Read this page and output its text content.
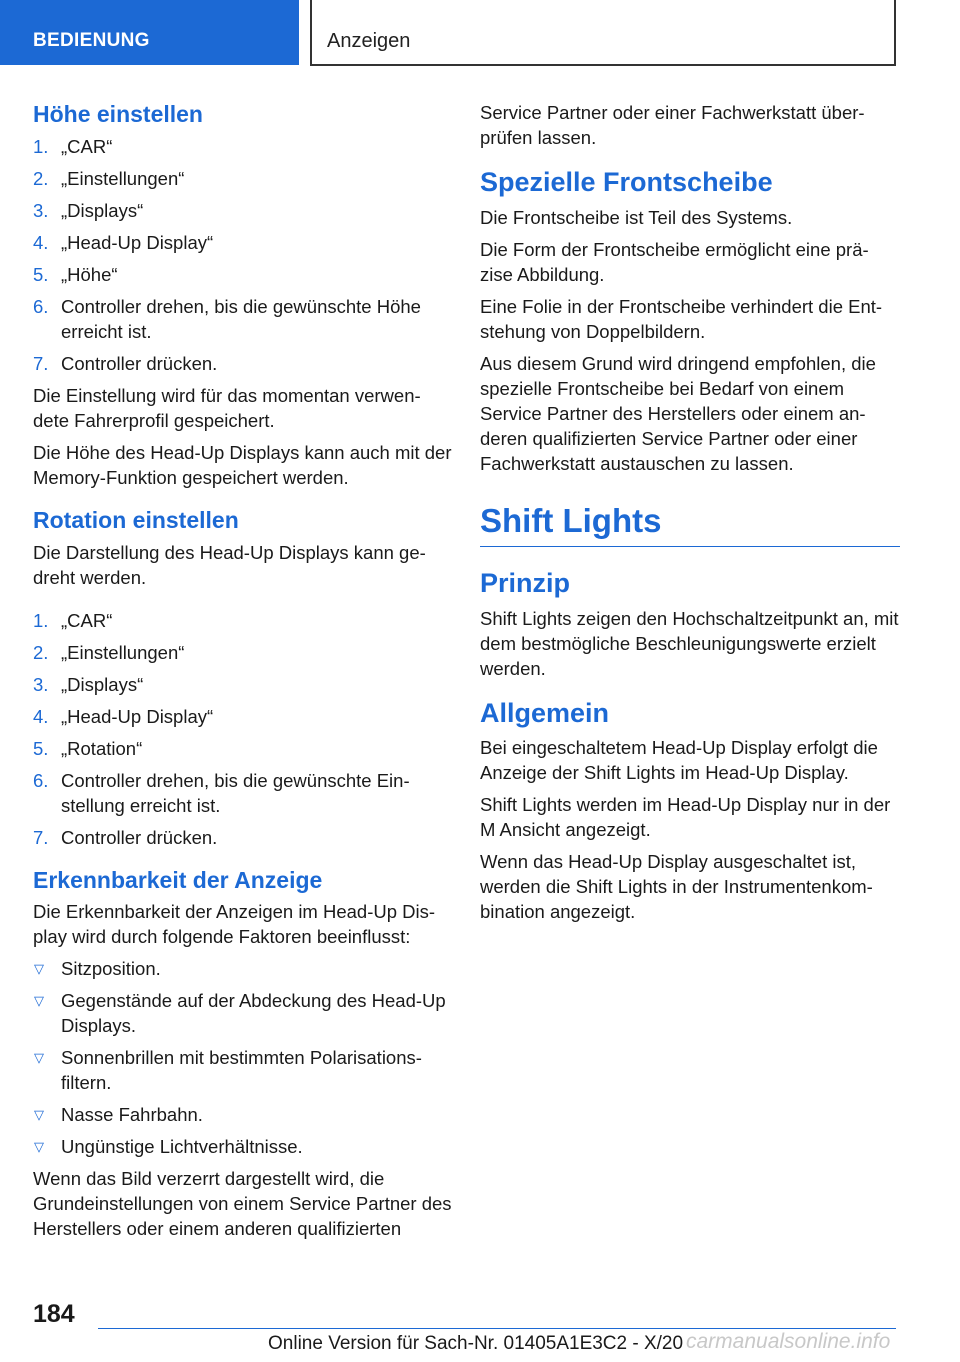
BEDIENUNG	Anzeigen
Höhe einstellen
1. „CAR“
2. „Einstellungen“
3. „Displays“
4. „Head-Up Display“
5. „Höhe“
6. Controller drehen, bis die gewünschte Höhe erreicht ist.
7. Controller drücken.

Die Einstellung wird für das momentan verwen-dete Fahrerprofil gespeichert.

Die Höhe des Head-Up Displays kann auch mit der Memory-Funktion gespeichert werden.

Rotation einstellen

Die Darstellung des Head-Up Displays kann ge-dreht werden.

1. „CAR“
2. „Einstellungen“
3. „Displays“
4. „Head-Up Display“
5. „Rotation“
6. Controller drehen, bis die gewünschte Ein-stellung erreicht ist.
7. Controller drücken.
Erkennbarkeit der Anzeige

Die Erkennbarkeit der Anzeigen im Head-Up Dis-play wird durch folgende Faktoren beeinflusst:

▽ Sitzposition.
▽ Gegenstände auf der Abdeckung des Head-Up Displays.
▽ Sonnenbrillen mit bestimmten Polarisations-filtern.
▽ Nasse Fahrbahn.
▽ Ungünstige Lichtverhältnisse.

Wenn das Bild verzerrt dargestellt wird, die Grundeinstellungen von einem Service Partner des Herstellers oder einem anderen qualifizierten

Service Partner oder einer Fachwerkstatt über-prüfen lassen.

Spezielle Frontscheibe

Die Frontscheibe ist Teil des Systems.

Die Form der Frontscheibe ermöglicht eine prä-zise Abbildung.

Eine Folie in der Frontscheibe verhindert die Ent-stehung von Doppelbildern.

Aus diesem Grund wird dringend empfohlen, die spezielle Frontscheibe bei Bedarf von einem Service Partner des Herstellers oder einem an-deren qualifizierten Service Partner oder einer Fachwerkstatt austauschen zu lassen.

Shift Lights
Prinzip

Shift Lights zeigen den Hochschaltzeitpunkt an, mit dem bestmögliche Beschleunigungswerte erzielt werden.

Allgemein

Bei eingeschaltetem Head-Up Display erfolgt die Anzeige der Shift Lights im Head-Up Display.

Shift Lights werden im Head-Up Display nur in der M Ansicht angezeigt.

Wenn das Head-Up Display ausgeschaltet ist, werden die Shift Lights in der Instrumentenkom-bination angezeigt.

184
Online Version für Sach-Nr. 01405A1E3C2 - X/20 carmanualsonline.info
